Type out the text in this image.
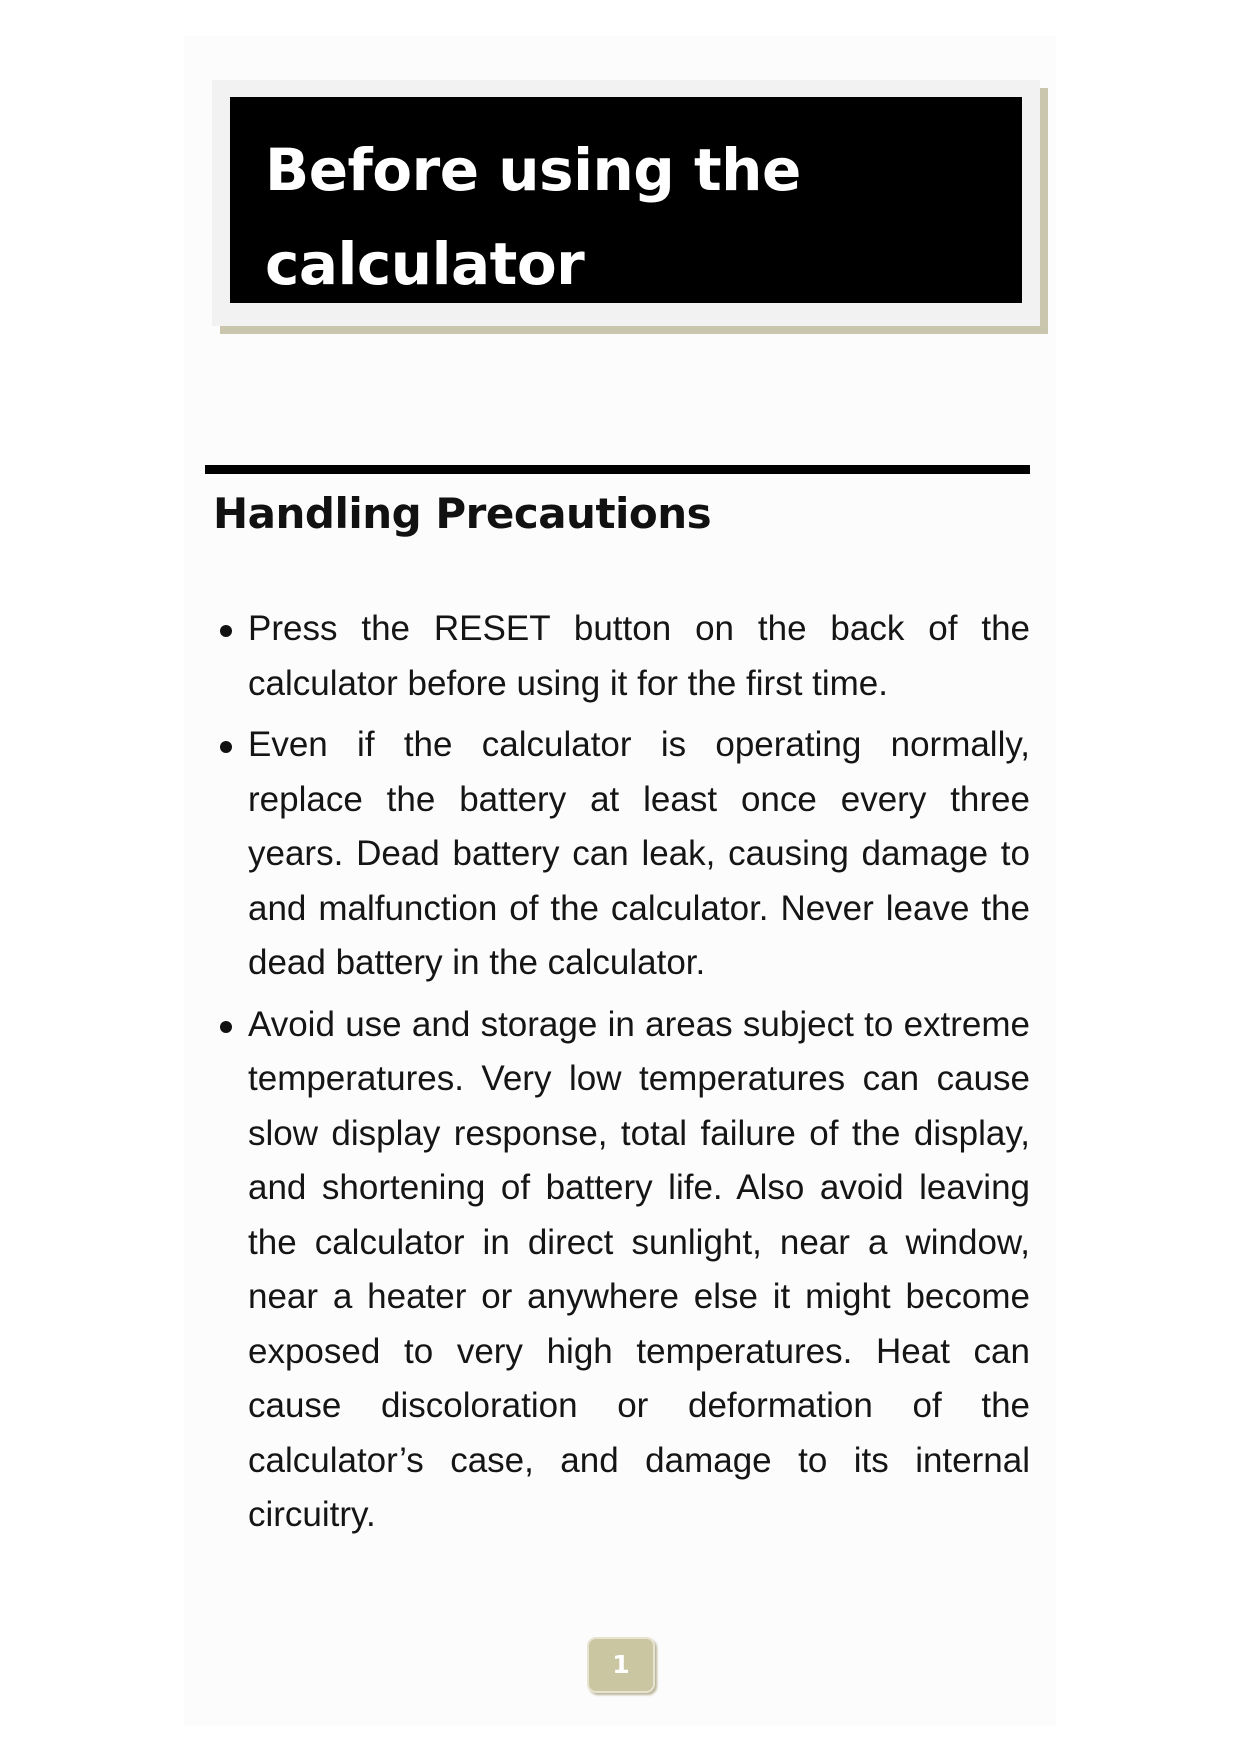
Before using the calculator
Handling Precautions
Press the RESET button on the back of the calculator before using it for the first time.
Even if the calculator is operating normally, replace the battery at least once every three years. Dead battery can leak, causing damage to and malfunction of the calculator. Never leave the dead battery in the calculator.
Avoid use and storage in areas subject to extreme temperatures. Very low temperatures can cause slow display response, total failure of the display, and shortening of battery life. Also avoid leaving the calculator in direct sunlight, near a window, near a heater or anywhere else it might become exposed to very high temperatures. Heat can cause discoloration or deformation of the calculator’s case, and damage to its internal circuitry.
1
